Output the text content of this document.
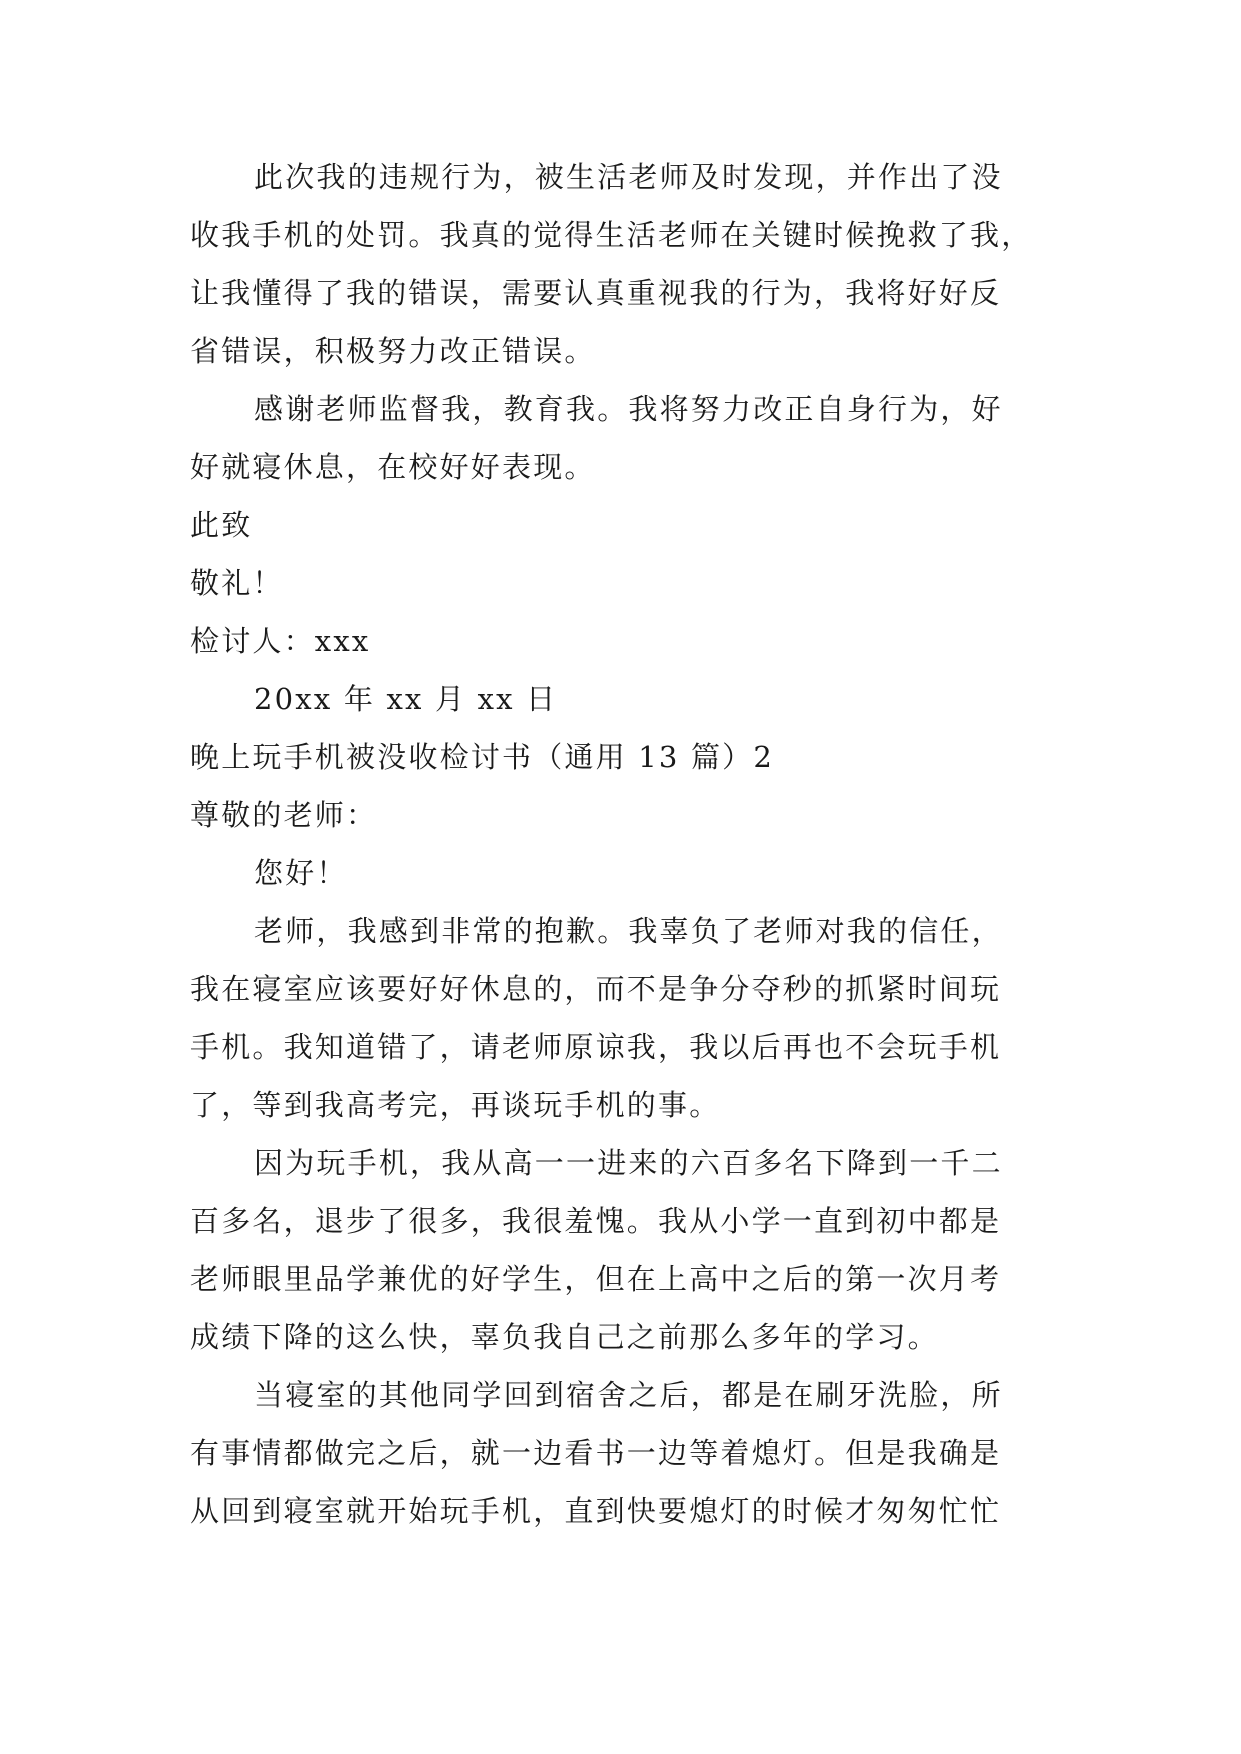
此次我的违规行为，被生活老师及时发现，并作出了没
收我手机的处罚。我真的觉得生活老师在关键时候挽救了我，
让我懂得了我的错误，需要认真重视我的行为，我将好好反
省错误，积极努力改正错误。
感谢老师监督我，教育我。我将努力改正自身行为，好
好就寝休息，在校好好表现。
此致
敬礼！
检讨人：xxx
20xx 年 xx 月 xx 日
晚上玩手机被没收检讨书（通用 13 篇）2
尊敬的老师：
您好！
老师，我感到非常的抱歉。我辜负了老师对我的信任，
我在寝室应该要好好休息的，而不是争分夺秒的抓紧时间玩
手机。我知道错了，请老师原谅我，我以后再也不会玩手机
了，等到我高考完，再谈玩手机的事。
因为玩手机，我从高一一进来的六百多名下降到一千二
百多名，退步了很多，我很羞愧。我从小学一直到初中都是
老师眼里品学兼优的好学生，但在上高中之后的第一次月考
成绩下降的这么快，辜负我自己之前那么多年的学习。
当寝室的其他同学回到宿舍之后，都是在刷牙洗脸，所
有事情都做完之后，就一边看书一边等着熄灯。但是我确是
从回到寝室就开始玩手机，直到快要熄灯的时候才匆匆忙忙
